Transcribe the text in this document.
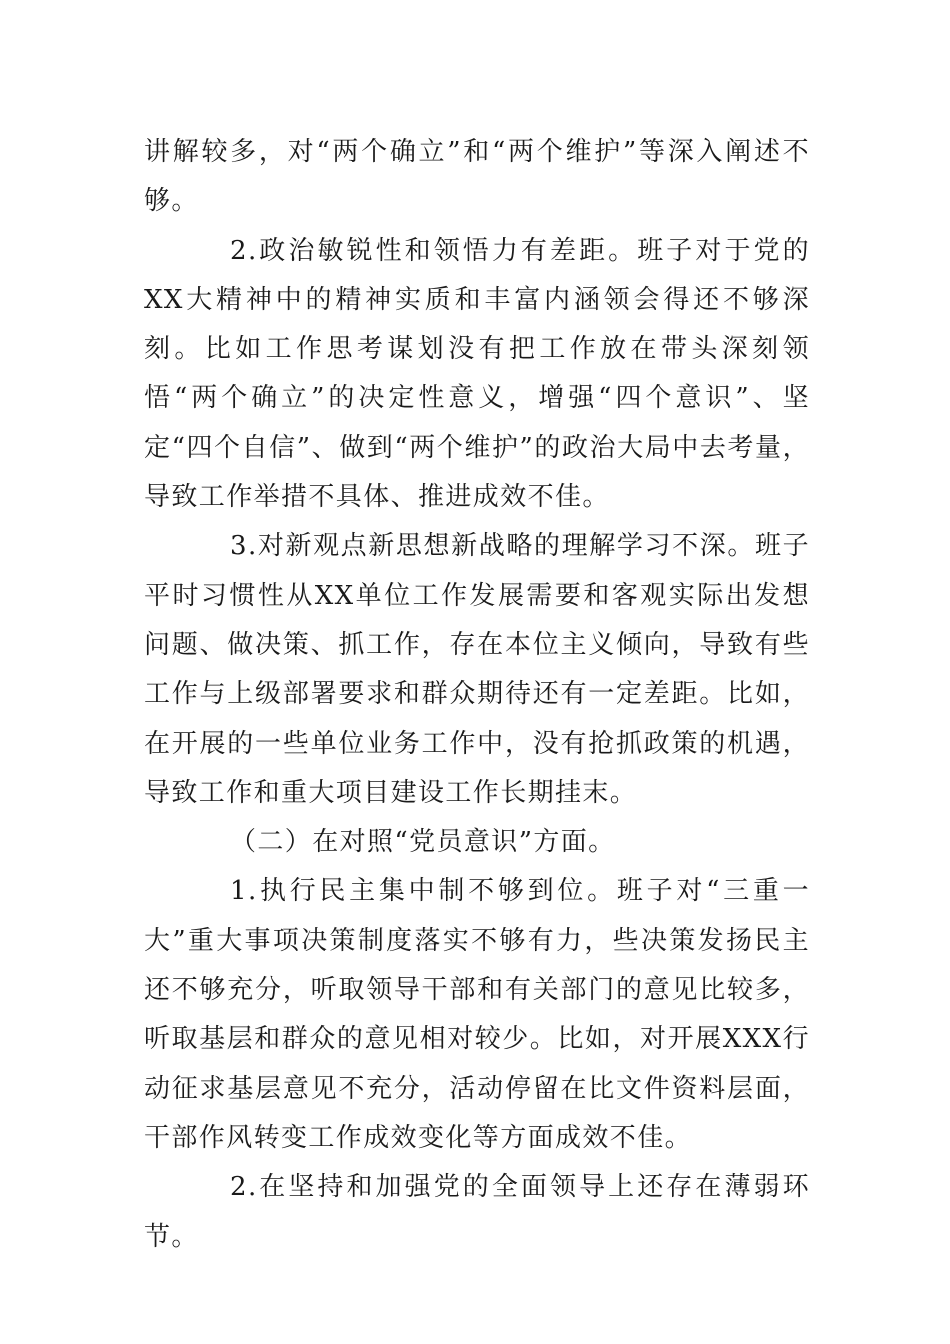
讲解较多，对“两个确立”和“两个维护”等深入阐述不够。

2.政治敏锐性和领悟力有差距。班子对于党的XX大精神中的精神实质和丰富内涵领会得还不够深刻。比如工作思考谋划没有把工作放在带头深刻领悟“两个确立”的决定性意义，增强“四个意识”、坚定“四个自信”、做到“两个维护”的政治大局中去考量，导致工作举措不具体、推进成效不佳。

3.对新观点新思想新战略的理解学习不深。班子平时习惯性从XX单位工作发展需要和客观实际出发想问题、做决策、抓工作，存在本位主义倾向，导致有些工作与上级部署要求和群众期待还有一定差距。比如，在开展的一些单位业务工作中，没有抢抓政策的机遇，导致工作和重大项目建设工作长期挂末。

（二）在对照“党员意识”方面。

1.执行民主集中制不够到位。班子对“三重一大”重大事项决策制度落实不够有力，些决策发扬民主还不够充分，听取领导干部和有关部门的意见比较多，听取基层和群众的意见相对较少。比如，对开展XXX行动征求基层意见不充分，活动停留在比文件资料层面，干部作风转变工作成效变化等方面成效不佳。

2.在坚持和加强党的全面领导上还存在薄弱环节。
